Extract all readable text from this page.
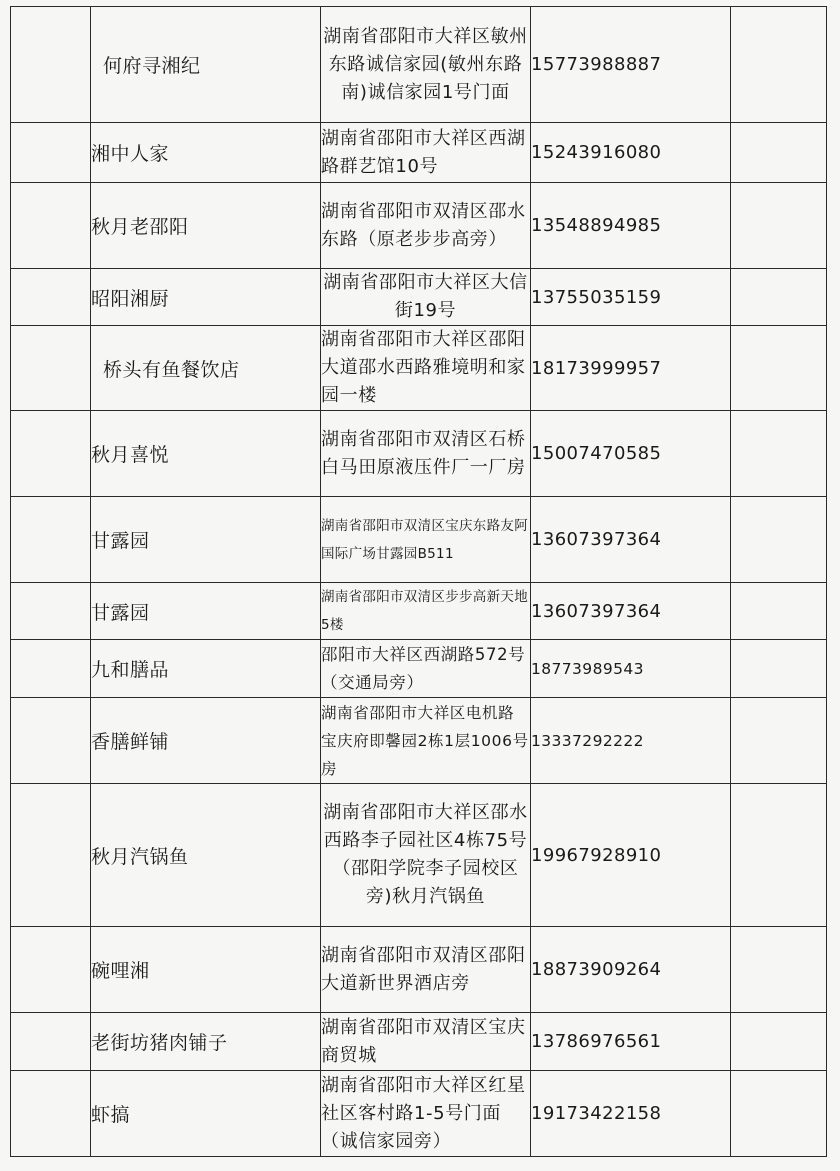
	何府寻湘纪	湖南省邵阳市大祥区敏州东路诚信家园(敏州东路南)诚信家园1号门面	15773988887	
	湘中人家	湖南省邵阳市大祥区西湖路群艺馆10号	15243916080	
	秋月老邵阳	湖南省邵阳市双清区邵水东路（原老步步高旁）	13548894985	
	昭阳湘厨	湖南省邵阳市大祥区大信街19号	13755035159	
	桥头有鱼餐饮店	湖南省邵阳市大祥区邵阳大道邵水西路雅境明和家园一楼	18173999957	
	秋月喜悦	湖南省邵阳市双清区石桥白马田原液压件厂一厂房	15007470585	
	甘露园	湖南省邵阳市双清区宝庆东路友阿国际广场甘露园B511	13607397364	
	甘露园	湖南省邵阳市双清区步步高新天地5楼	13607397364	
	九和膳品	邵阳市大祥区西湖路572号（交通局旁）	18773989543	
	香膳鲜铺	湖南省邵阳市大祥区电机路宝庆府即馨园2栋1层1006号房	13337292222	
	秋月汽锅鱼	湖南省邵阳市大祥区邵水西路李子园社区4栋75号（邵阳学院李子园校区旁)秋月汽锅鱼	19967928910	
	碗哩湘	湖南省邵阳市双清区邵阳大道新世界酒店旁	18873909264	
	老街坊猪肉铺子	湖南省邵阳市双清区宝庆商贸城	13786976561	
	虾搞	湖南省邵阳市大祥区红星社区客村路1-5号门面（诚信家园旁）	19173422158	
